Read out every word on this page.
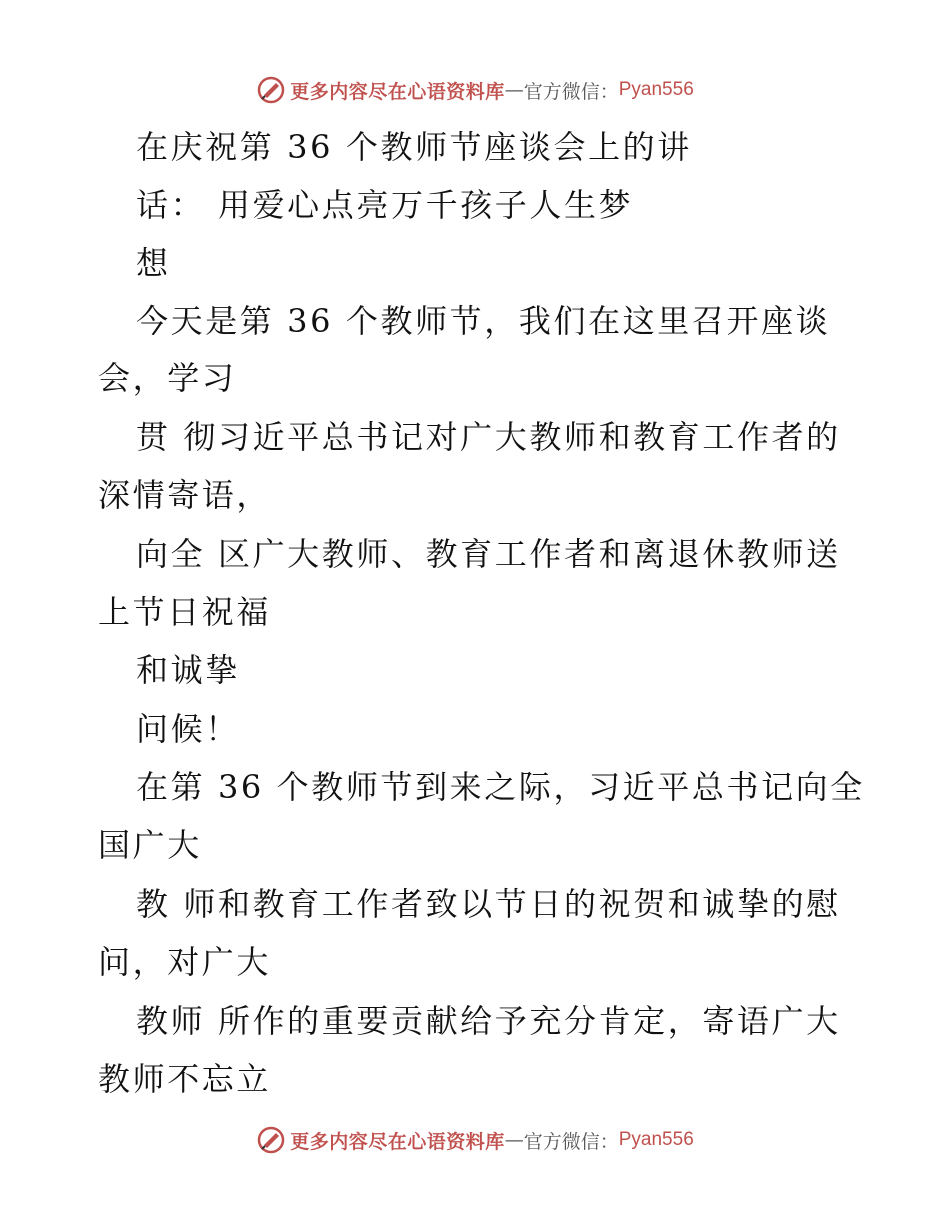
更多内容尽在心语资料库 — 官方微信： Pyan556
在庆祝第 36 个教师节座谈会上的讲
话： 用爱心点亮万千孩子人生梦
想
今天是第 36 个教师节，我们在这里召开座谈
会，学习
贯 彻习近平总书记对广大教师和教育工作者的
深情寄语，
向全 区广大教师、教育工作者和离退休教师送
上节日祝福
和诚挚
问候！
在第 36 个教师节到来之际，习近平总书记向全
国广大
教 师和教育工作者致以节日的祝贺和诚挚的慰
问，对广大
教师 所作的重要贡献给予充分肯定，寄语广大
教师不忘立
更多内容尽在心语资料库 — 官方微信： Pyan556
